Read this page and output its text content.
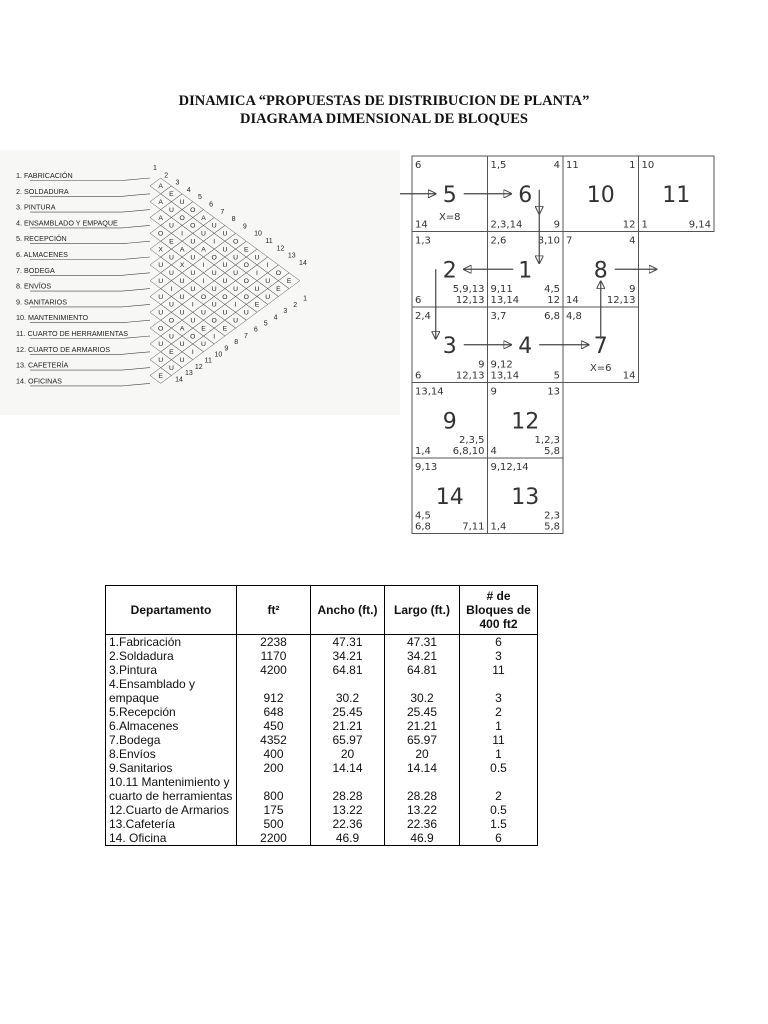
DINAMICA “PROPUESTAS DE DISTRIBUCION DE PLANTA”
DIAGRAMA DIMENSIONAL DE BLOQUES
1. FABRICACIÓN
2. SOLDADURA
3. PINTURA
4. ENSAMBLADO Y EMPAQUE
5. RECEPCIÓN
6. ALMACENES
7. BODEGA
8. ENVÍOS
9. SANITARIOS
10. MANTENIMIENTO
11. CUARTO DE HERRAMIENTAS
12. CUARTO DE ARMARIOS
13. CAFETERÍA
14. OFICINAS
A
E
U
O
A
U
U
O
E
U
I
O
E
A
U
O
O
U
I
U
U
O
I
U
E
A
U
I
U
A
O
U
U
O
U
U
O
E
A
U
I
U
U
U
O
E
X
U
X
U
I
U
O
I
U
U
U
U
U
O
U
U
U
U
I
U
I
U
O
E
U
U
U
U
E
I
U
O
A
O
U
O
U
U
I
U
E
U
U
U
E
1
2
3
4
5
6
7
8
9
10
11
12
13
14
1
2
3
4
5
6
7
8
9
10
11
12
13
14
5
6
14
X=8
6
1,5	4
2,3,14	9
10
11	1
12
11
10
1	9,14
2
1,3
6
5,9,13
12,13
1
2,6	3,10
9,11
13,14
4,5
12
8
7	4
14
9
12,13
3
2,4
6
9
12,13
4
3,7	6,8
9,12
13,14	5
7
4,8
14
X=6
9
13,14
1,4
2,3,5
6,8,10
12
9	13
4
1,2,3
5,8
14
9,13
4,5
6,8	7,11
13
9,12,14
1,4
2,3
5,8
Departamento	ft²	Ancho (ft.)	Largo (ft.)	# de Bloques de 400 ft2
1.Fabricación	2238	47.31	47.31	6
2.Soldadura	1170	34.21	34.21	3
3.Pintura	4200	64.81	64.81	11
4.Ensamblado y empaque	912	30.2	30.2	3
5.Recepción	648	25.45	25.45	2
6.Almacenes	450	21.21	21.21	1
7.Bodega	4352	65.97	65.97	11
8.Envíos	400	20	20	1
9.Sanitarios	200	14.14	14.14	0.5
10.11 Mantenimiento y cuarto de herramientas	800	28.28	28.28	2
12.Cuarto de Armarios	175	13.22	13.22	0.5
13.Cafetería	500	22.36	22.36	1.5
14. Oficina	2200	46.9	46.9	6
